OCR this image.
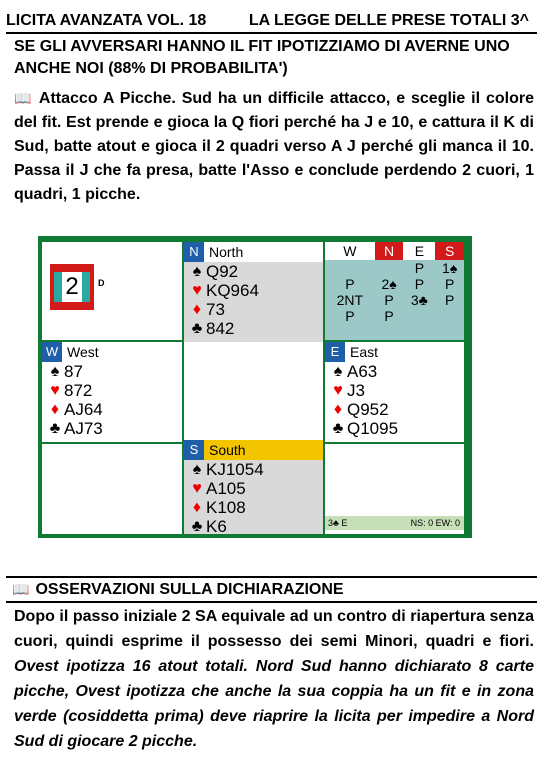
LICITA AVANZATA VOL. 18	LA LEGGE DELLE PRESE TOTALI 3^
SE GLI AVVERSARI HANNO IL FIT IPOTIZZIAMO DI AVERNE UNO ANCHE NOI (88% DI PROBABILITA')
📖 Attacco A Picche. Sud ha un difficile attacco, e sceglie il colore del fit. Est prende e gioca la Q fiori perché ha J e 10, e cattura il K di Sud, batte atout e gioca il 2 quadri verso A J perché gli manca il 10. Passa il J che fa presa, batte l'Asso e conclude perdendo 2 cuori, 1 quadri, 1 picche.
2	D
N North
♠ Q92
♥ KQ964
♦ 73
♣ 842
W	N	E	S
		P	1♠
P	2♠	P	P
2NT	P	3♣	P
P	P		
W West
♠ 87
♥ 872
♦ AJ64
♣ AJ73
E East
♠ A63
♥ J3
♦ Q952
♣ Q1095
S South
♠ KJ1054
♥ A105
♦ K108
♣ K6	3♣ E	NS: 0 EW: 0
📖 OSSERVAZIONI SULLA DICHIARAZIONE
Dopo il passo iniziale 2 SA equivale ad un contro di riapertura senza cuori, quindi esprime il possesso dei semi Minori, quadri e fiori. Ovest ipotizza 16 atout totali. Nord Sud hanno dichiarato 8 carte picche, Ovest ipotizza che anche la sua coppia ha un fit e in zona verde (cosiddetta prima) deve riaprire la licita per impedire a Nord Sud di giocare 2 picche.
